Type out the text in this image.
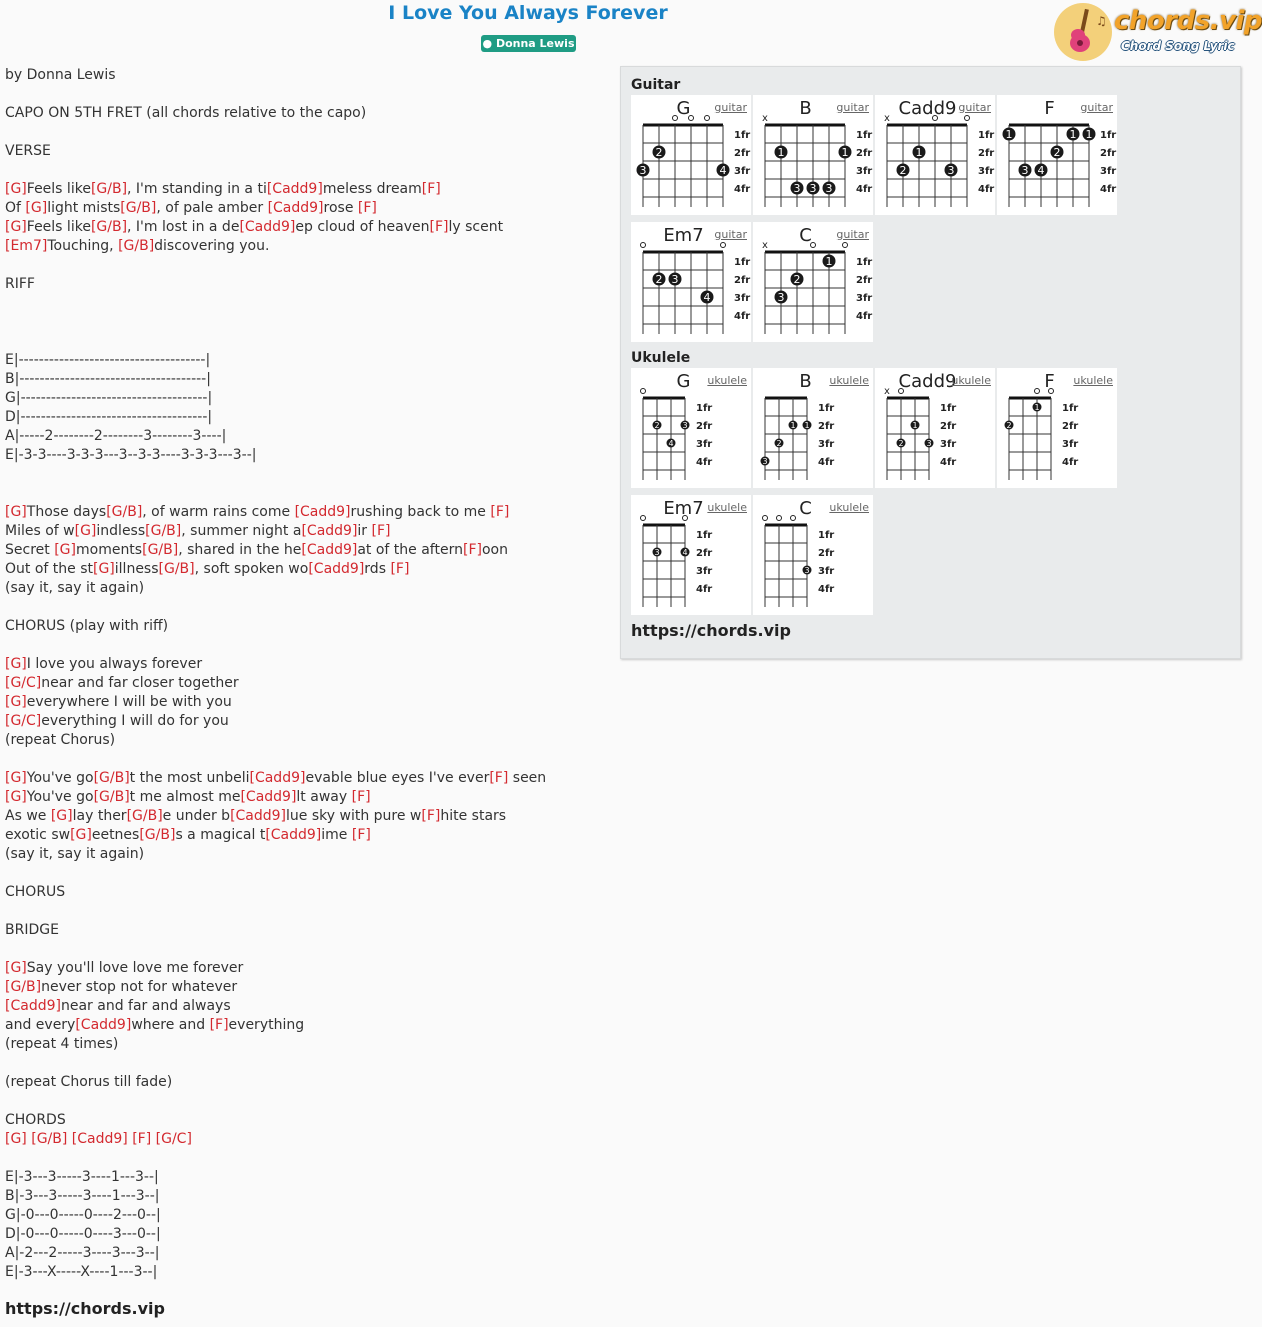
I Love You Always Forever
● Donna Lewis
♫ chords.vip
Chord Song Lyric
by Donna Lewis
CAPO ON 5TH FRET (all chords relative to the capo)
VERSE
[G]Feels like[G/B], I'm standing in a ti[Cadd9]meless dream[F]
Of [G]light mists[G/B], of pale amber [Cadd9]rose [F]
[G]Feels like[G/B], I'm lost in a de[Cadd9]ep cloud of heaven[F]ly scent
[Em7]Touching, [G/B]discovering you.
RIFF
E|-------------------------------------|
B|-------------------------------------|
G|-------------------------------------|
D|-------------------------------------|
A|-----2--------2--------3--------3----|
E|-3-3----3-3-3---3--3-3----3-3-3---3--|
[G]Those days[G/B], of warm rains come [Cadd9]rushing back to me [F]
Miles of w[G]indless[G/B], summer night a[Cadd9]ir [F]
Secret [G]moments[G/B], shared in the he[Cadd9]at of the aftern[F]oon
Out of the st[G]illness[G/B], soft spoken wo[Cadd9]rds [F]
(say it, say it again)
CHORUS (play with riff)
[G]I love you always forever
[G/C]near and far closer together
[G]everywhere I will be with you
[G/C]everything I will do for you
(repeat Chorus)
[G]You've go[G/B]t the most unbeli[Cadd9]evable blue eyes I've ever[F] seen
[G]You've go[G/B]t me almost me[Cadd9]lt away [F]
As we [G]lay ther[G/B]e under b[Cadd9]lue sky with pure w[F]hite stars
exotic sw[G]eetnes[G/B]s a magical t[Cadd9]ime [F]
(say it, say it again)
CHORUS
BRIDGE
[G]Say you'll love love me forever
[G/B]never stop not for whatever
[Cadd9]near and far and always
and every[Cadd9]where and [F]everything
(repeat 4 times)
(repeat Chorus till fade)
CHORDS
[G] [G/B] [Cadd9] [F] [G/C]
E|-3---3-----3----1---3--|
B|-3---3-----3----1---3--|
G|-0---0-----0----2---0--|
D|-0---0-----0----3---0--|
A|-2---2-----3----3---3--|
E|-3---X-----X----1---3--|
https://chords.vip
Guitar
G	guitar
1fr
2fr
3fr
4fr
2
3	4
B	guitar
x
1fr
2fr
3fr
4fr
1	1
3 3 3
Cadd9 guitar
x
1fr
2fr
3fr
4fr
2
1
3
F	guitar
1fr
2fr
3fr
4fr
1
3 4
2
1 1
Em7 guitar
1fr
2fr
3fr
4fr
2 3
4
C	guitar
x
1fr
2fr
3fr
4fr
3
2
1
Ukulele
G	ukulele
1fr
2fr
3fr
4fr
2
4
3
B	ukulele
1fr
2fr
3fr
4fr
3
2
1 1
Cadd9
ukulele
x
1fr
2fr
3fr
4fr
2
1
3
F	ukulele
1fr
2fr
3fr
4fr
2
1
Em7 ukulele
1fr
2fr
3fr
4fr
3	4
C	ukulele
1fr
2fr
3fr
4fr
3
https://chords.vip
